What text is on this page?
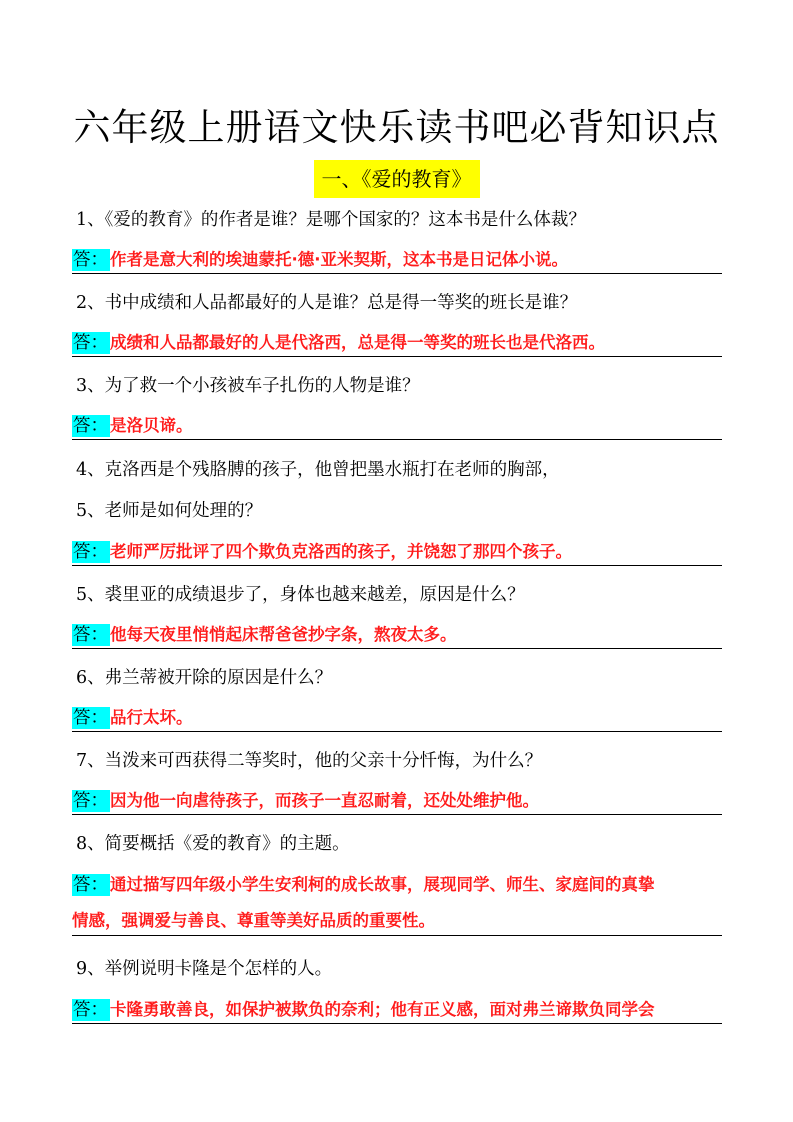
六年级上册语文快乐读书吧必背知识点
一、《爱的教育》
1、《爱的教育》的作者是谁？是哪个国家的？这本书是什么体裁？
答： 作者是意大利的埃迪蒙托·德·亚米契斯，这本书是日记体小说。
2、书中成绩和人品都最好的人是谁？总是得一等奖的班长是谁？
答： 成绩和人品都最好的人是代洛西，总是得一等奖的班长也是代洛西。
3、为了救一个小孩被车子扎伤的人物是谁？
答： 是洛贝谛。
4、克洛西是个残胳膊的孩子，他曾把墨水瓶打在老师的胸部，
5、老师是如何处理的？
答： 老师严厉批评了四个欺负克洛西的孩子，并饶恕了那四个孩子。
5、裘里亚的成绩退步了，身体也越来越差，原因是什么？
答： 他每天夜里悄悄起床帮爸爸抄字条，熬夜太多。
6、弗兰蒂被开除的原因是什么？
答： 品行太坏。
7、当泼来可西获得二等奖时，他的父亲十分忏悔，为什么？
答： 因为他一向虐待孩子，而孩子一直忍耐着，还处处维护他。
8、简要概括《爱的教育》的主题。
答： 通过描写四年级小学生安利柯的成长故事，展现同学、师生、家庭间的真挚
情感，强调爱与善良、尊重等美好品质的重要性。
9、举例说明卡隆是个怎样的人。
答： 卡隆勇敢善良，如保护被欺负的奈利；他有正义感，面对弗兰谛欺负同学会
